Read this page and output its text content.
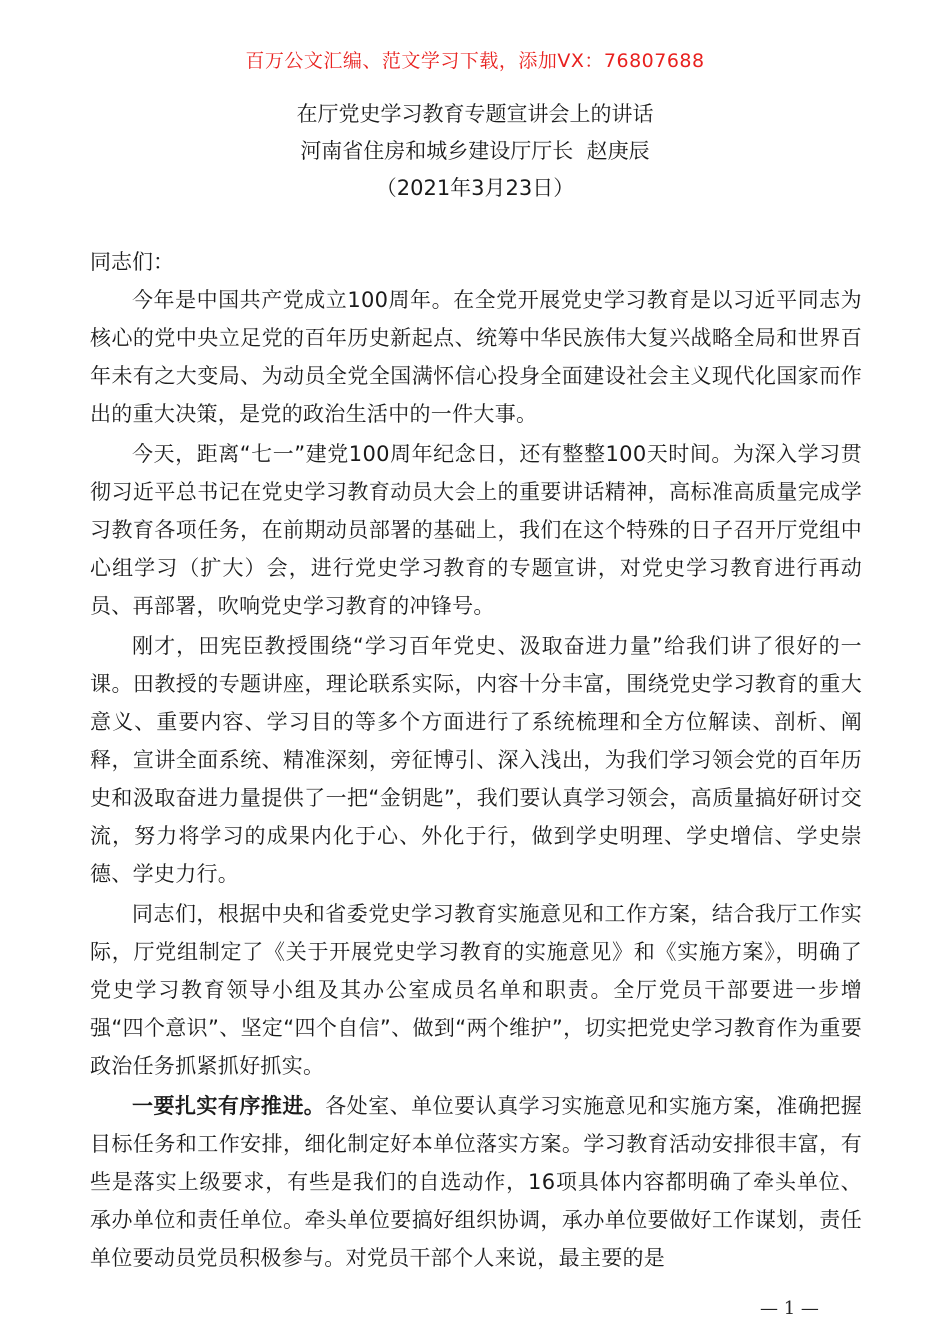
百万公文汇编、范文学习下载，添加VX：76807688
在厅党史学习教育专题宣讲会上的讲话
河南省住房和城乡建设厅厅长  赵庚辰
（2021年3月23日）
同志们：

今年是中国共产党成立100周年。在全党开展党史学习教育是以习近平同志为核心的党中央立足党的百年历史新起点、统筹中华民族伟大复兴战略全局和世界百年未有之大变局、为动员全党全国满怀信心投身全面建设社会主义现代化国家而作出的重大决策，是党的政治生活中的一件大事。

今天，距离“七一”建党100周年纪念日，还有整整100天时间。为深入学习贯彻习近平总书记在党史学习教育动员大会上的重要讲话精神，高标准高质量完成学习教育各项任务，在前期动员部署的基础上，我们在这个特殊的日子召开厅党组中心组学习（扩大）会，进行党史学习教育的专题宣讲，对党史学习教育进行再动员、再部署，吹响党史学习教育的冲锋号。

刚才，田宪臣教授围绕“学习百年党史、汲取奋进力量”给我们讲了很好的一课。田教授的专题讲座，理论联系实际，内容十分丰富，围绕党史学习教育的重大意义、重要内容、学习目的等多个方面进行了系统梳理和全方位解读、剖析、阐释，宣讲全面系统、精准深刻，旁征博引、深入浅出，为我们学习领会党的百年历史和汲取奋进力量提供了一把“金钥匙”，我们要认真学习领会，高质量搞好研讨交流，努力将学习的成果内化于心、外化于行，做到学史明理、学史增信、学史崇德、学史力行。

同志们，根据中央和省委党史学习教育实施意见和工作方案，结合我厅工作实际，厅党组制定了《关于开展党史学习教育的实施意见》和《实施方案》，明确了党史学习教育领导小组及其办公室成员名单和职责。全厅党员干部要进一步增强“四个意识”、坚定“四个自信”、做到“两个维护”，切实把党史学习教育作为重要政治任务抓紧抓好抓实。

一要扎实有序推进。各处室、单位要认真学习实施意见和实施方案，准确把握目标任务和工作安排，细化制定好本单位落实方案。学习教育活动安排很丰富，有些是落实上级要求，有些是我们的自选动作，16项具体内容都明确了牵头单位、承办单位和责任单位。牵头单位要搞好组织协调，承办单位要做好工作谋划，责任单位要动员党员积极参与。对党员干部个人来说，最主要的是

— 1 —
